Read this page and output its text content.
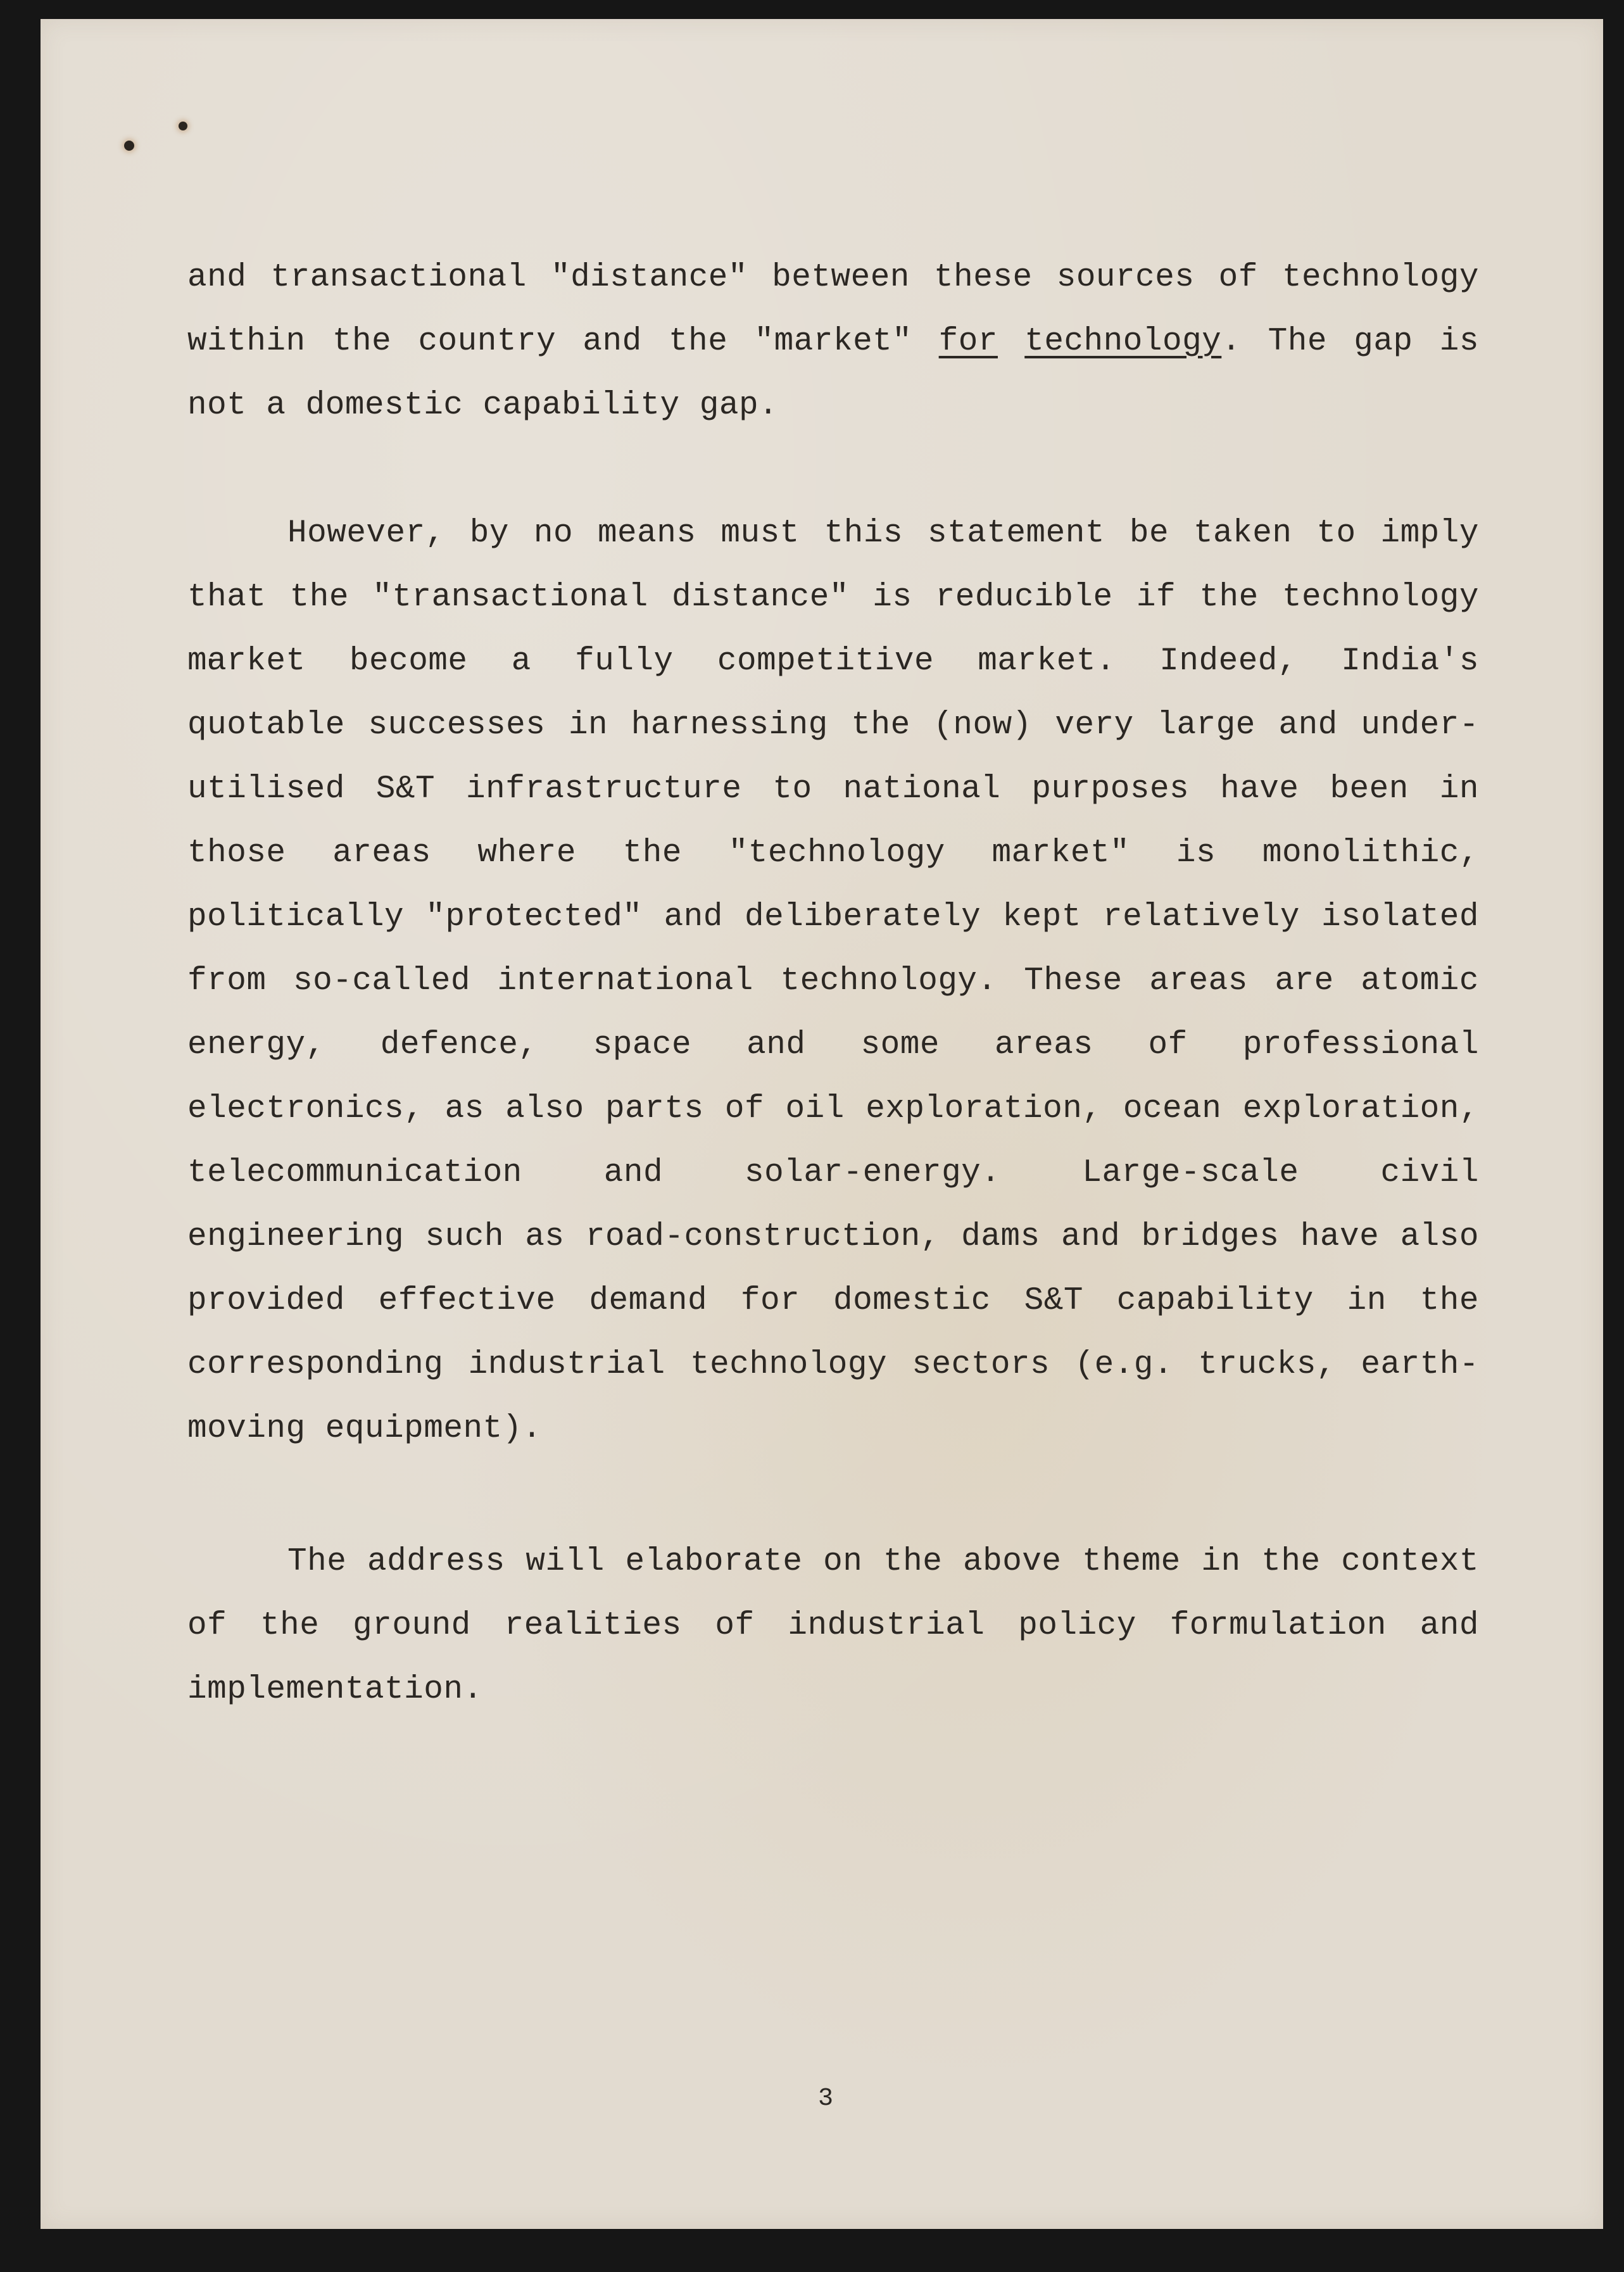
and transactional "distance" between these sources of technology
within the country and the "market" for technology. The gap is
not a domestic capability gap.
However, by no means must this statement be taken to imply
that the "transactional distance" is reducible if the technology
market become a fully competitive market. Indeed, India's
quotable successes in harnessing the (now) very large and under-
utilised S&T infrastructure to national purposes have been in
those areas where the "technology market" is monolithic,
politically "protected" and deliberately kept relatively isolated
from so-called international technology. These areas are atomic
energy, defence, space and some areas of professional
electronics, as also parts of oil exploration, ocean exploration,
telecommunication and solar-energy. Large-scale civil
engineering such as road-construction, dams and bridges have also
provided effective demand for domestic S&T capability in the
corresponding industrial technology sectors (e.g. trucks, earth-
moving equipment).
The address will elaborate on the above theme in the context
of the ground realities of industrial policy formulation and
implementation.
3
